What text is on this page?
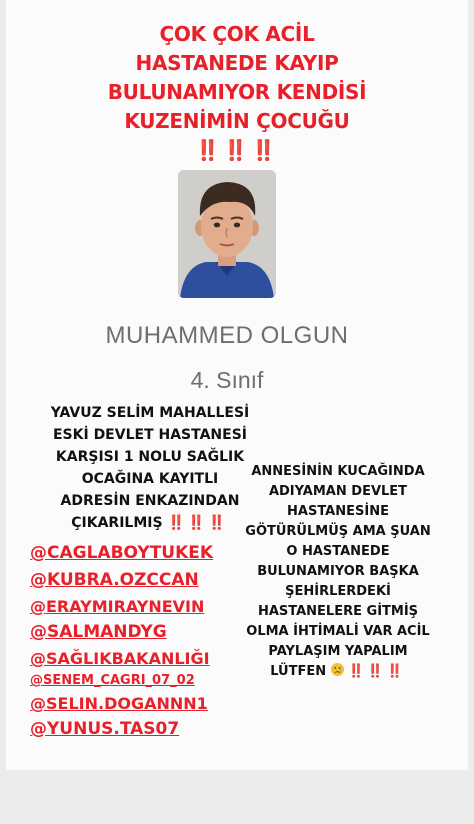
ÇOK ÇOK ACİL
HASTANEDE KAYIP
BULUNAMIYOR KENDİSİ
KUZENİMİN ÇOCUĞU
‼️‼️‼️
MUHAMMED OLGUN
4. Sınıf
YAVUZ SELİM MAHALLESİ
ESKİ DEVLET HASTANESİ
KARŞISI 1 NOLU SAĞLIK
OCAĞINA KAYITLI
ADRESİN ENKAZINDAN
ÇIKARILMIŞ ‼️‼️‼️
ANNESİNİN KUCAĞINDA
ADIYAMAN DEVLET
HASTANESİNE
GÖTÜRÜLMÜŞ AMA ŞUAN
O HASTANEDE
BULUNAMIYOR BAŞKA
ŞEHİRLERDEKİ
HASTANELERE GİTMİŞ
OLMA İHTİMALİ VAR ACİL
PAYLAŞIM YAPALIM
LÜTFEN ‼️‼️‼️
@CAGLABOYTUKEK
@KUBRA.OZCCAN
@ERAYMIRAYNEVIN
@SALMANDYG
@SAĞLIKBAKANLIĞI
@SENEM_CAGRI_07_02
@SELIN.DOGANNN1
@YUNUS.TAS07
